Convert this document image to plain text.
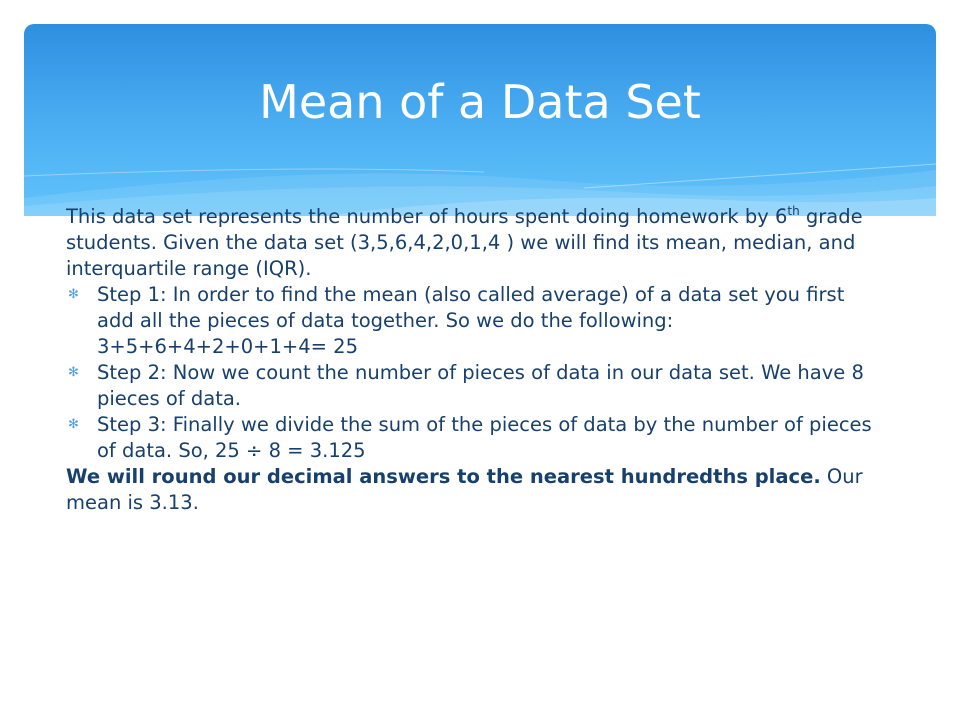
Mean of a Data Set

This data set represents the number of hours spent doing homework by 6th grade students. Given the data set (3,5,6,4,2,0,1,4 ) we will find its mean, median, and interquartile range (IQR).

✻ Step 1: In order to find the mean (also called average) of a data set you first add all the pieces of data together. So we do the following: 3+5+6+4+2+0+1+4= 25

✻ Step 2: Now we count the number of pieces of data in our data set. We have 8 pieces of data.

✻ Step 3: Finally we divide the sum of the pieces of data by the number of pieces of data. So, 25 ÷ 8 = 3.125

We will round our decimal answers to the nearest hundredths place. Our mean is 3.13.
